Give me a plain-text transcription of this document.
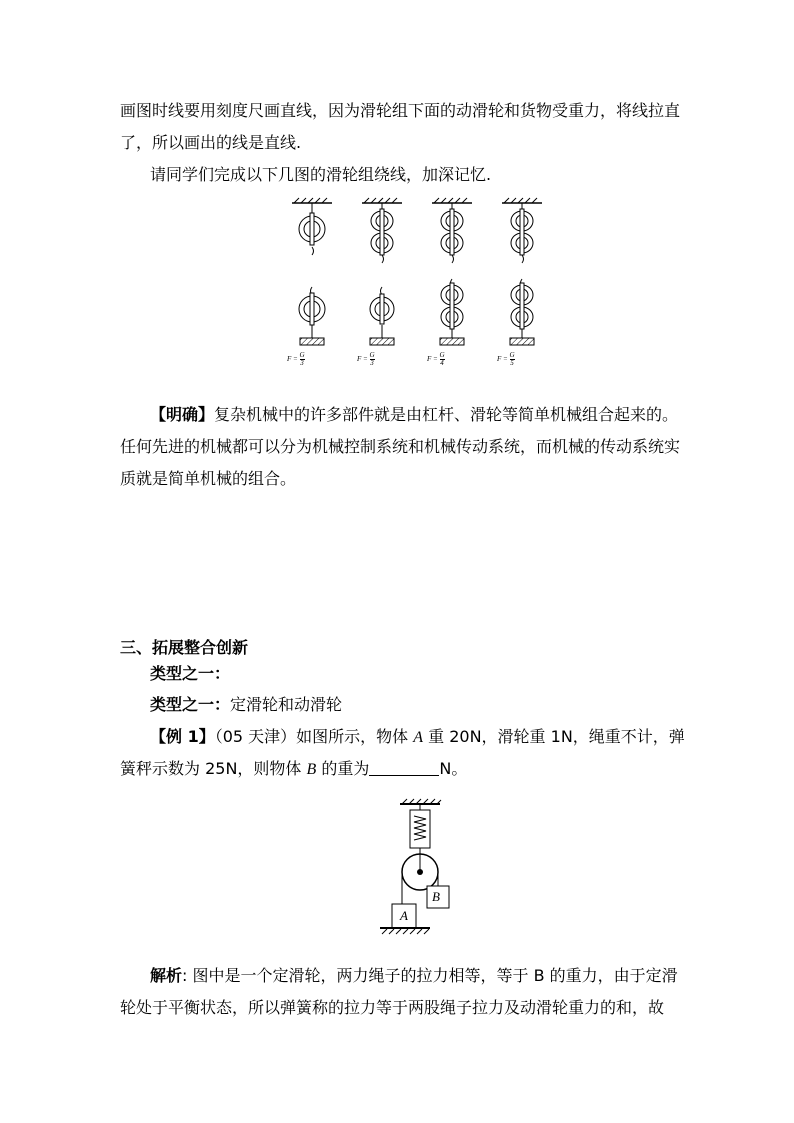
画图时线要用刻度尺画直线，因为滑轮组下面的动滑轮和货物受重力，将线拉直
了，所以画出的线是直线.
请同学们完成以下几图的滑轮组绕线，加深记忆.
$F = \frac{G}{3}$	$F = \frac{G}{3}$	$F = \frac{G}{4}$	$F = \frac{G}{5}$
【明确】复杂机械中的许多部件就是由杠杆、滑轮等简单机械组合起来的。
任何先进的机械都可以分为机械控制系统和机械传动系统，而机械的传动系统实
质就是简单机械的组合。
三、拓展整合创新
类型之一：
类型之一：定滑轮和动滑轮
【例 1】（05 天津）如图所示，物体 A 重 20N，滑轮重 1N，绳重不计，弹
簧秤示数为 25N，则物体 B 的重为	N。
A
B
解析: 图中是一个定滑轮，两力绳子的拉力相等，等于 B 的重力，由于定滑
轮处于平衡状态，所以弹簧称的拉力等于两股绳子拉力及动滑轮重力的和，故
